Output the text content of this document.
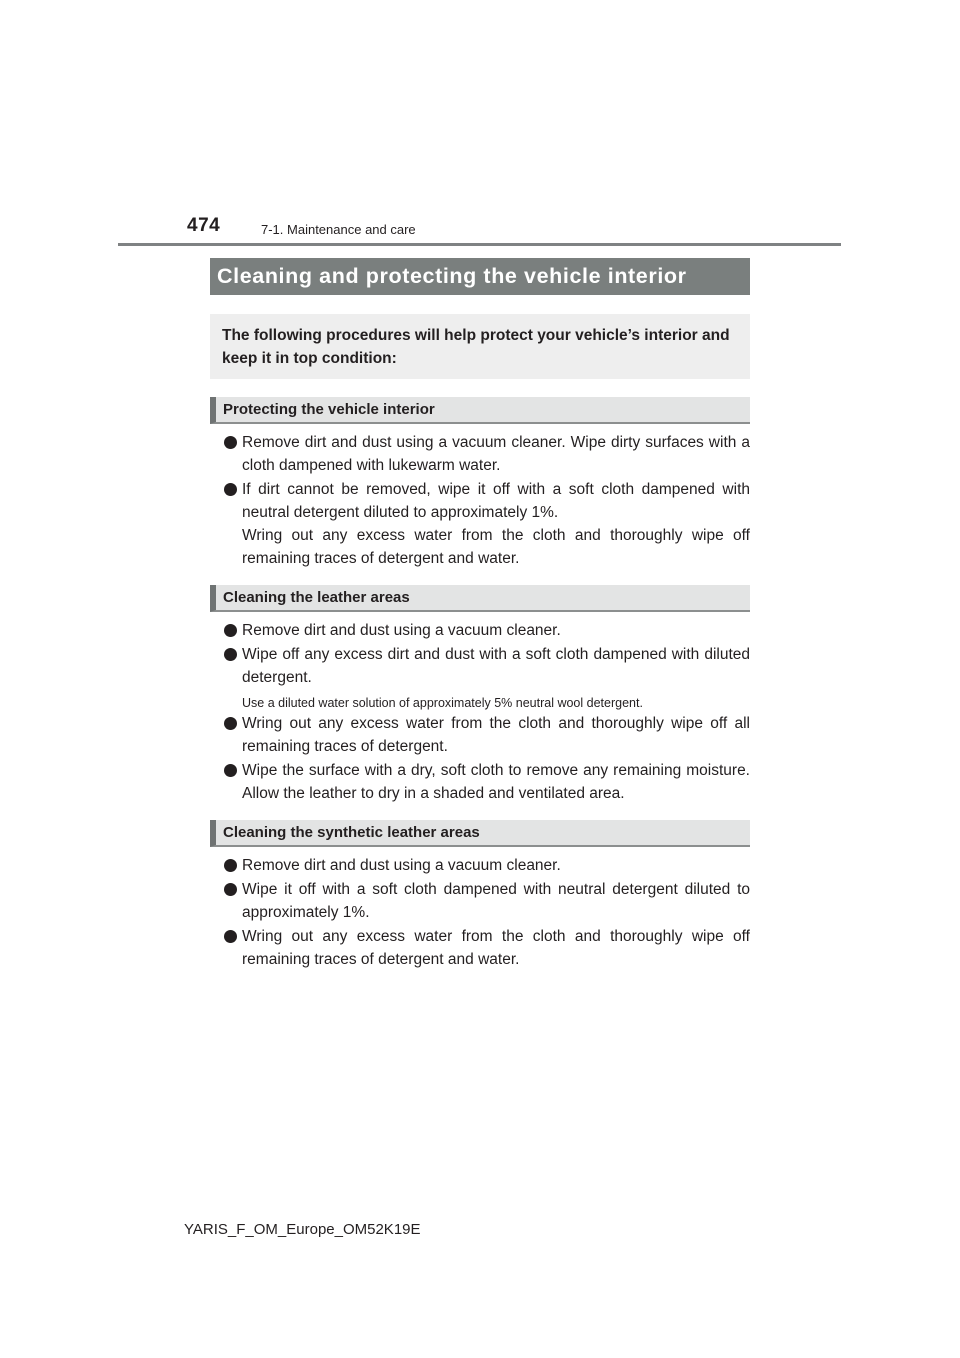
474	7-1. Maintenance and care
Cleaning and protecting the vehicle interior
The following procedures will help protect your vehicle’s interior and keep it in top condition:
Protecting the vehicle interior

Remove dirt and dust using a vacuum cleaner. Wipe dirty surfaces with a cloth dampened with lukewarm water.

If dirt cannot be removed, wipe it off with a soft cloth dampened with neutral detergent diluted to approximately 1%.

Wring out any excess water from the cloth and thoroughly wipe off remaining traces of detergent and water.

Cleaning the leather areas

Remove dirt and dust using a vacuum cleaner.

Wipe off any excess dirt and dust with a soft cloth dampened with diluted detergent.

Use a diluted water solution of approximately 5% neutral wool detergent.

Wring out any excess water from the cloth and thoroughly wipe off all remaining traces of detergent.

Wipe the surface with a dry, soft cloth to remove any remaining moisture. Allow the leather to dry in a shaded and ventilated area.

Cleaning the synthetic leather areas

Remove dirt and dust using a vacuum cleaner.

Wipe it off with a soft cloth dampened with neutral detergent diluted to approximately 1%.

Wring out any excess water from the cloth and thoroughly wipe off remaining traces of detergent and water.

YARIS_F_OM_Europe_OM52K19E
